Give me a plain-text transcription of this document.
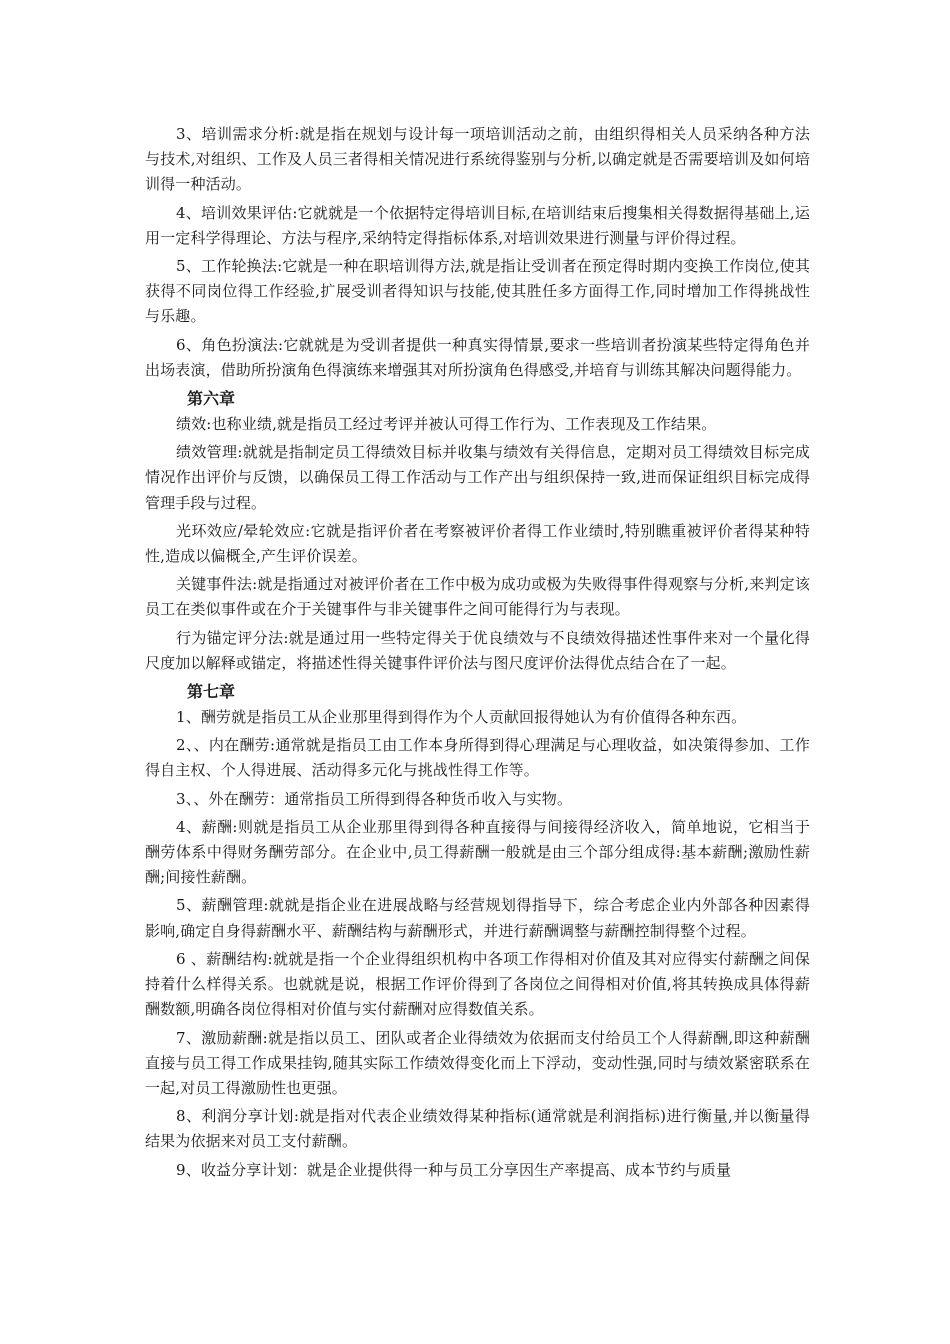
3、培训需求分析:就是指在规划与设计每一项培训活动之前，由组织得相关人员采纳各种方法与技术,对组织、工作及人员三者得相关情况进行系统得鉴别与分析,以确定就是否需要培训及如何培训得一种活动。

4、培训效果评估:它就就是一个依据特定得培训目标,在培训结束后搜集相关得数据得基础上,运用一定科学得理论、方法与程序,采纳特定得指标体系,对培训效果进行测量与评价得过程。

5、工作轮换法:它就是一种在职培训得方法,就是指让受训者在预定得时期内变换工作岗位,使其获得不同岗位得工作经验,扩展受训者得知识与技能,使其胜任多方面得工作,同时增加工作得挑战性与乐趣。

6、角色扮演法:它就就是为受训者提供一种真实得情景,要求一些培训者扮演某些特定得角色并出场表演，借助所扮演角色得演练来增强其对所扮演角色得感受,并培育与训练其解决问题得能力。

第六章

绩效:也称业绩,就是指员工经过考评并被认可得工作行为、工作表现及工作结果。

绩效管理:就就是指制定员工得绩效目标并收集与绩效有关得信息，定期对员工得绩效目标完成情况作出评价与反馈，以确保员工得工作活动与工作产出与组织保持一致,进而保证组织目标完成得管理手段与过程。

光环效应/晕轮效应:它就是指评价者在考察被评价者得工作业绩时,特别瞧重被评价者得某种特性,造成以偏概全,产生评价误差。

关键事件法:就是指通过对被评价者在工作中极为成功或极为失败得事件得观察与分析,来判定该员工在类似事件或在介于关键事件与非关键事件之间可能得行为与表现。

行为锚定评分法:就是通过用一些特定得关于优良绩效与不良绩效得描述性事件来对一个量化得尺度加以解释或锚定，将描述性得关键事件评价法与图尺度评价法得优点结合在了一起。

第七章

1、酬劳就是指员工从企业那里得到得作为个人贡献回报得她认为有价值得各种东西。

2、、内在酬劳:通常就是指员工由工作本身所得到得心理满足与心理收益，如决策得参加、工作得自主权、个人得进展、活动得多元化与挑战性得工作等。

3、、外在酬劳：通常指员工所得到得各种货币收入与实物。

4、薪酬:则就是指员工从企业那里得到得各种直接得与间接得经济收入，简单地说，它相当于酬劳体系中得财务酬劳部分。在企业中,员工得薪酬一般就是由三个部分组成得:基本薪酬;激励性薪酬;间接性薪酬。

5、薪酬管理:就就是指企业在进展战略与经营规划得指导下，综合考虑企业内外部各种因素得影响,确定自身得薪酬水平、薪酬结构与薪酬形式，并进行薪酬调整与薪酬控制得整个过程。

6 、薪酬结构:就就是指一个企业得组织机构中各项工作得相对价值及其对应得实付薪酬之间保持着什么样得关系。也就就是说，根据工作评价得到了各岗位之间得相对价值,将其转换成具体得薪酬数额,明确各岗位得相对价值与实付薪酬对应得数值关系。

7、激励薪酬:就是指以员工、团队或者企业得绩效为依据而支付给员工个人得薪酬,即这种薪酬直接与员工得工作成果挂钩,随其实际工作绩效得变化而上下浮动，变动性强,同时与绩效紧密联系在一起,对员工得激励性也更强。

8、利润分享计划:就是指对代表企业绩效得某种指标(通常就是利润指标)进行衡量,并以衡量得结果为依据来对员工支付薪酬。

9、收益分享计划：就是企业提供得一种与员工分享因生产率提高、成本节约与质量
